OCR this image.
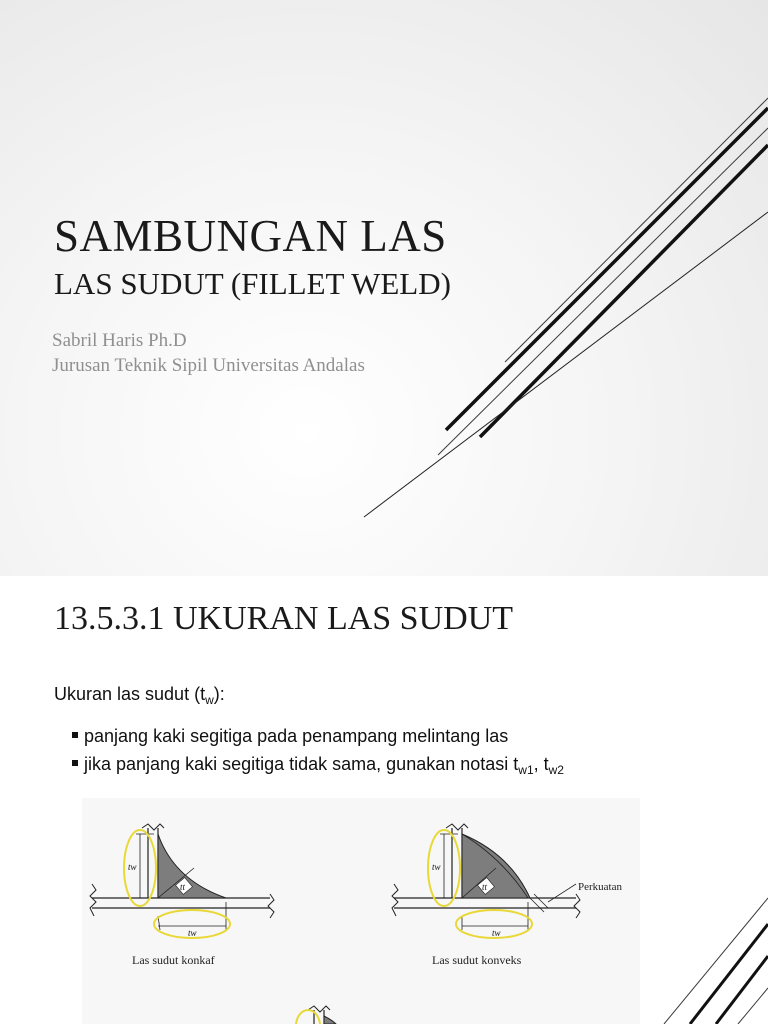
SAMBUNGAN LAS
LAS SUDUT (FILLET WELD)
Sabril Haris Ph.D
Jurusan Teknik Sipil Universitas Andalas
13.5.3.1 UKURAN LAS SUDUT
Ukuran las sudut $(t_w)$:
panjang kaki segitiga pada penampang melintang las
jika panjang kaki segitiga tidak sama, gunakan notasi $t_{w1}$, $t_{w2}$
tt
tw
tw
Las sudut konkaf
tt	Perkuatan
tw
tw
Las sudut konveks
